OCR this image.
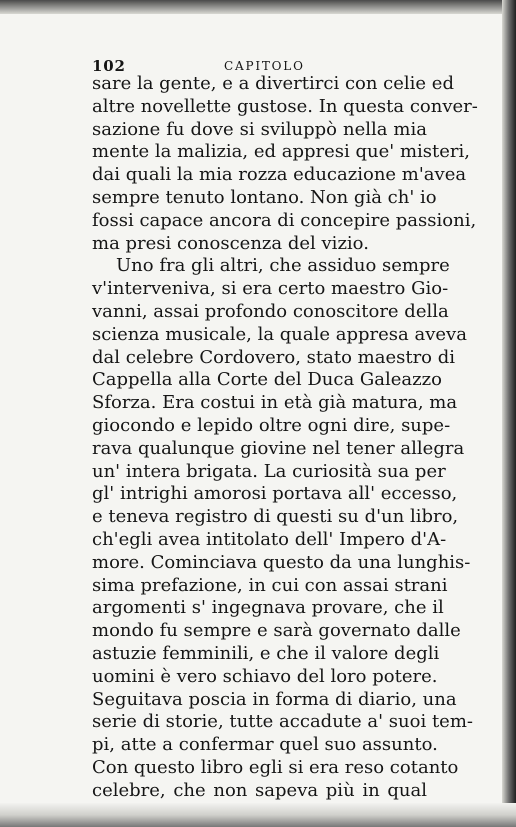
102	CAPITOLO
sare la gente, e a divertirci con celie ed
altre novellette gustose. In questa conver-
sazione fu dove si sviluppò nella mia
mente la malizia, ed appresi que' misteri,
dai quali la mia rozza educazione m'avea
sempre tenuto lontano. Non già ch' io
fossi capace ancora di concepire passioni,
ma presi conoscenza del vizio.
Uno fra gli altri, che assiduo sempre
v'interveniva, si era certo maestro Gio-
vanni, assai profondo conoscitore della
scienza musicale, la quale appresa aveva
dal celebre Cordovero, stato maestro di
Cappella alla Corte del Duca Galeazzo
Sforza. Era costui in età già matura, ma
giocondo e lepido oltre ogni dire, supe-
rava qualunque giovine nel tener allegra
un' intera brigata. La curiosità sua per
gl' intrighi amorosi portava all' eccesso,
e teneva registro di questi su d'un libro,
ch'egli avea intitolato dell' Impero d'A-
more. Cominciava questo da una lunghis-
sima prefazione, in cui con assai strani
argomenti s' ingegnava provare, che il
mondo fu sempre e sarà governato dalle
astuzie femminili, e che il valore degli
uomini è vero schiavo del loro potere.
Seguitava poscia in forma di diario, una
serie di storie, tutte accadute a' suoi tem-
pi, atte a confermar quel suo assunto.
Con questo libro egli si era reso cotanto
celebre, che non sapeva più in qual
